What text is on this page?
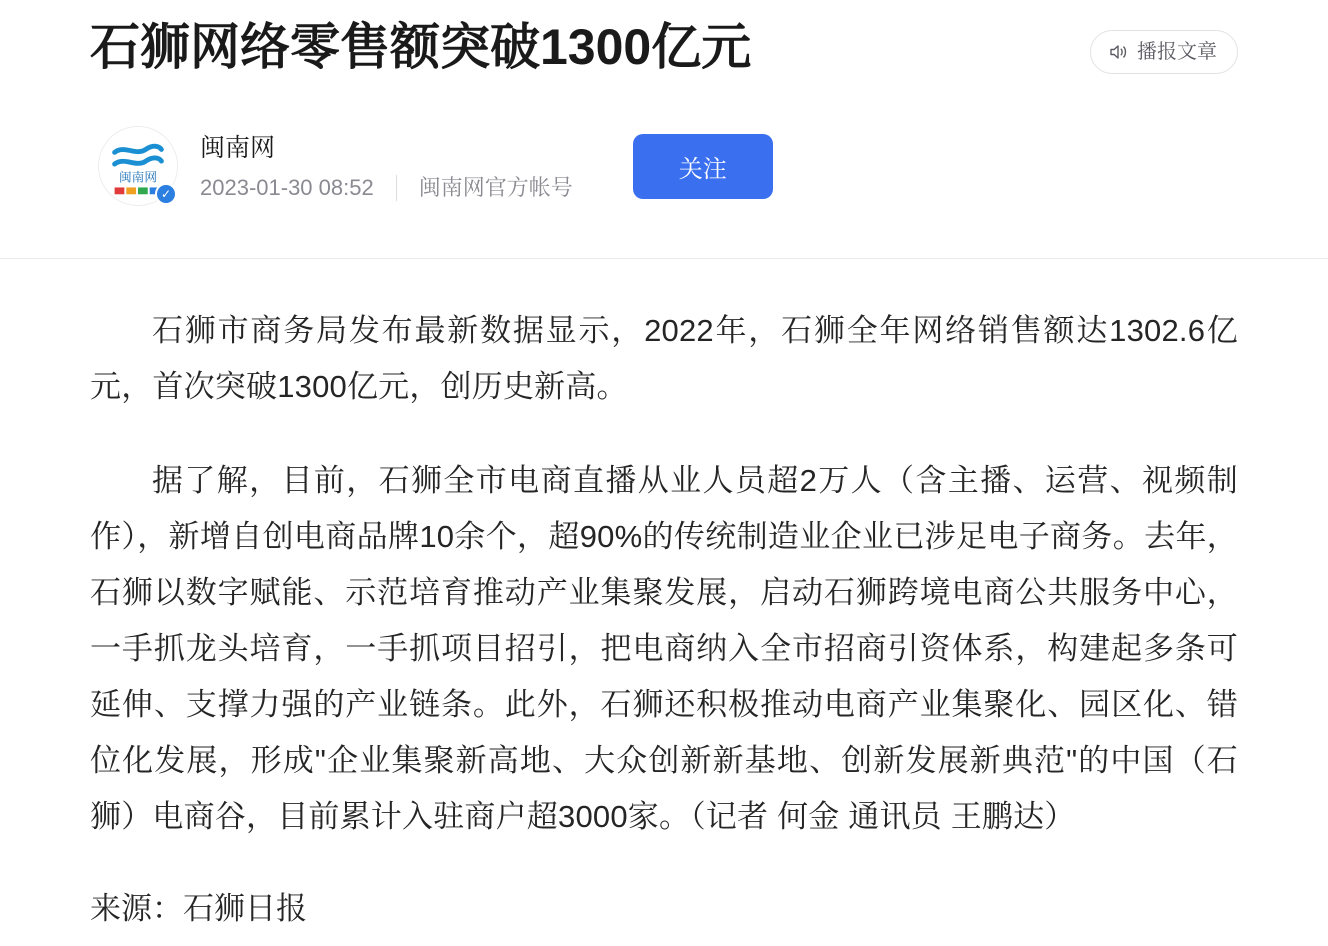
石狮网络零售额突破1300亿元	播报文章
闽南网
✓
闽南网
2023-01-30 08:52 闽南网官方帐号
关注

石狮市商务局发布最新数据显示，2022年，石狮全年网络销售额达1302.6亿元，首次突破1300亿元，创历史新高。

据了解，目前，石狮全市电商直播从业人员超2万人（含主播、运营、视频制作），新增自创电商品牌10余个，超90%的传统制造业企业已涉足电子商务。去年，石狮以数字赋能、示范培育推动产业集聚发展，启动石狮跨境电商公共服务中心，一手抓龙头培育，一手抓项目招引，把电商纳入全市招商引资体系，构建起多条可延伸、支撑力强的产业链条。此外，石狮还积极推动电商产业集聚化、园区化、错位化发展，形成"企业集聚新高地、大众创新新基地、创新发展新典范"的中国（石狮）电商谷，目前累计入驻商户超3000家。（记者 何金 通讯员 王鹏达）

来源：石狮日报
